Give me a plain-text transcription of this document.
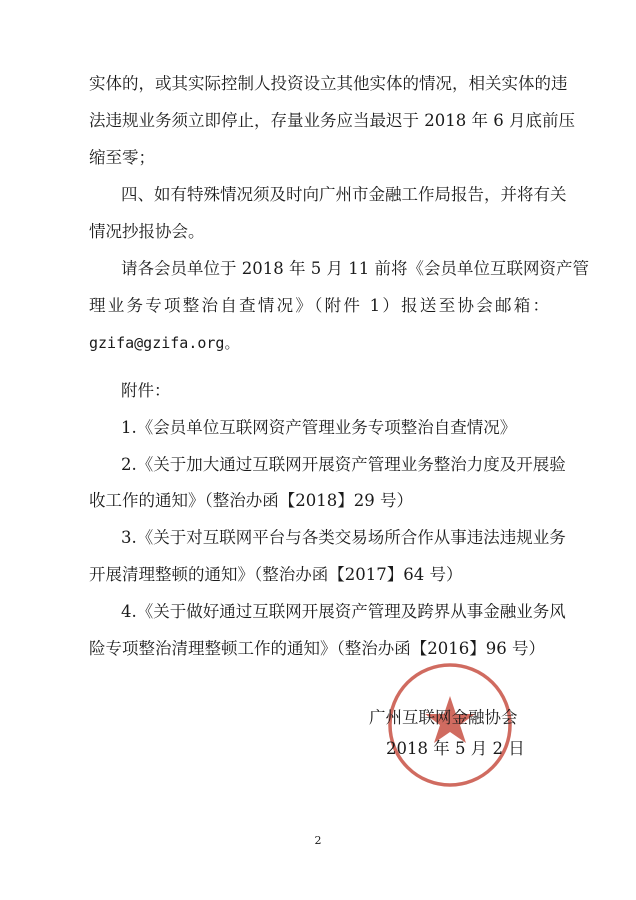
实体的，或其实际控制人投资设立其他实体的情况，相关实体的违
法违规业务须立即停止，存量业务应当最迟于 2018 年 6 月底前压
缩至零；
四、如有特殊情况须及时向广州市金融工作局报告，并将有关
情况抄报协会。
请各会员单位于 2018 年 5 月 11 前将《会员单位互联网资产管
理业务专项整治自查情况》（附件 1）报送至协会邮箱：
gzifa@gzifa.org。
附件：
1.《会员单位互联网资产管理业务专项整治自查情况》
2.《关于加大通过互联网开展资产管理业务整治力度及开展验
收工作的通知》（整治办函【2018】29 号）
3.《关于对互联网平台与各类交易场所合作从事违法违规业务
开展清理整顿的通知》（整治办函【2017】64 号）
4.《关于做好通过互联网开展资产管理及跨界从事金融业务风
险专项整治清理整顿工作的通知》（整治办函【2016】96 号）
广州互联网金融协会
2018 年 5 月 2 日
2
